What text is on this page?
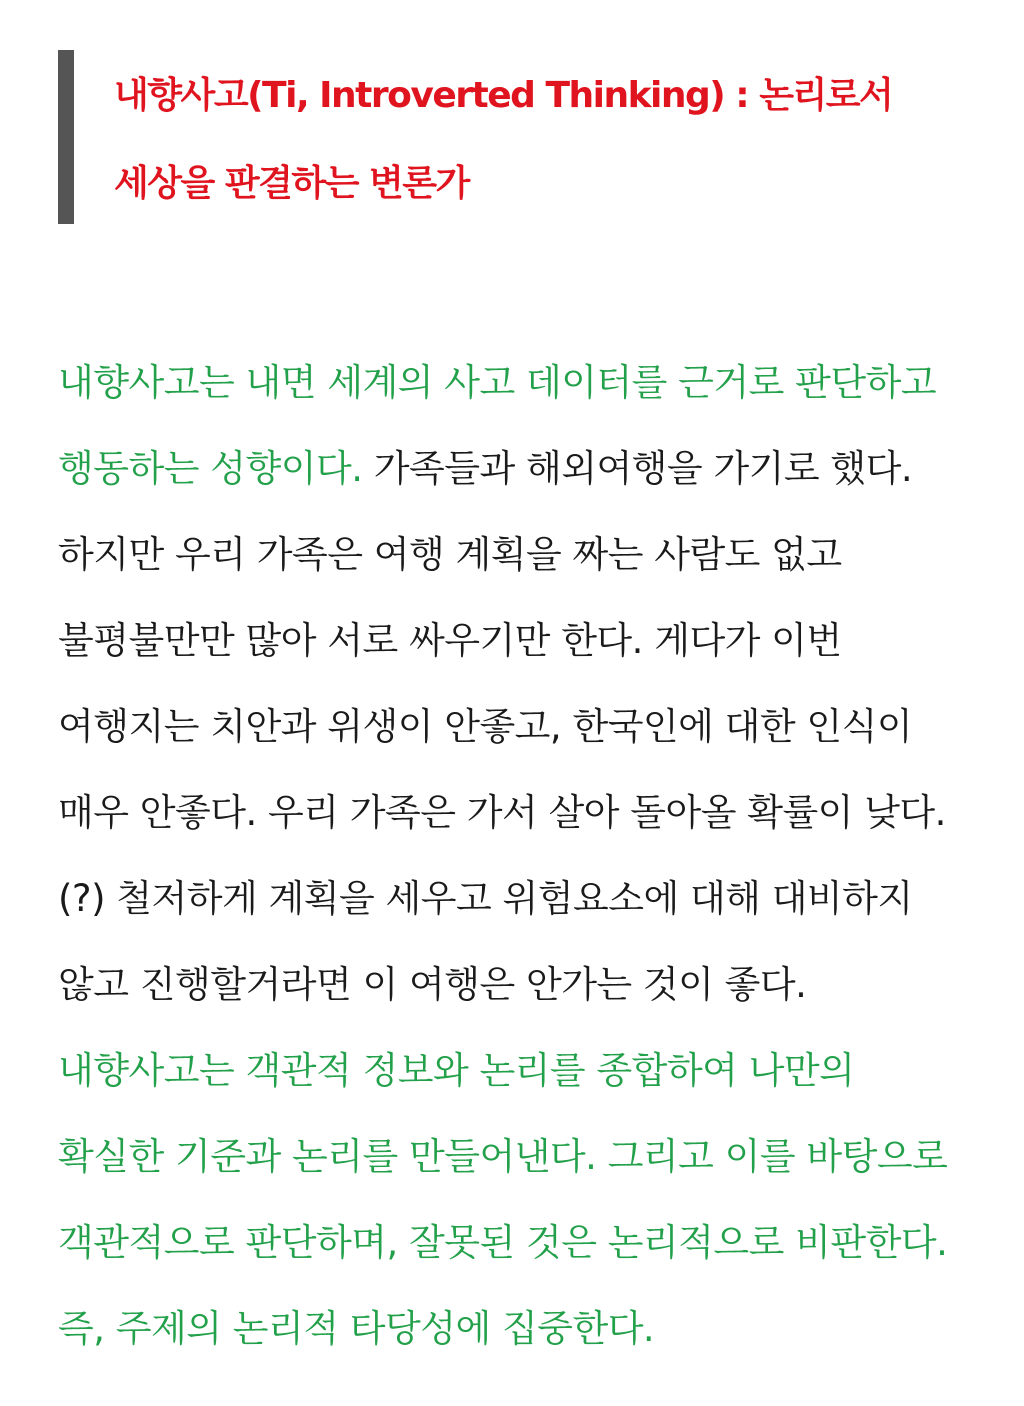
내향사고(Ti, Introverted Thinking) : 논리로서 세상을 판결하는 변론가

내향사고는 내면 세계의 사고 데이터를 근거로 판단하고 행동하는 성향이다. 가족들과 해외여행을 가기로 했다. 하지만 우리 가족은 여행 계획을 짜는 사람도 없고 불평불만만 많아 서로 싸우기만 한다. 게다가 이번 여행지는 치안과 위생이 안좋고, 한국인에 대한 인식이 매우 안좋다. 우리 가족은 가서 살아 돌아올 확률이 낮다.(?) 철저하게 계획을 세우고 위험요소에 대해 대비하지 않고 진행할거라면 이 여행은 안가는 것이 좋다. 내향사고는 객관적 정보와 논리를 종합하여 나만의 확실한 기준과 논리를 만들어낸다. 그리고 이를 바탕으로 객관적으로 판단하며, 잘못된 것은 논리적으로 비판한다. 즉, 주제의 논리적 타당성에 집중한다.
